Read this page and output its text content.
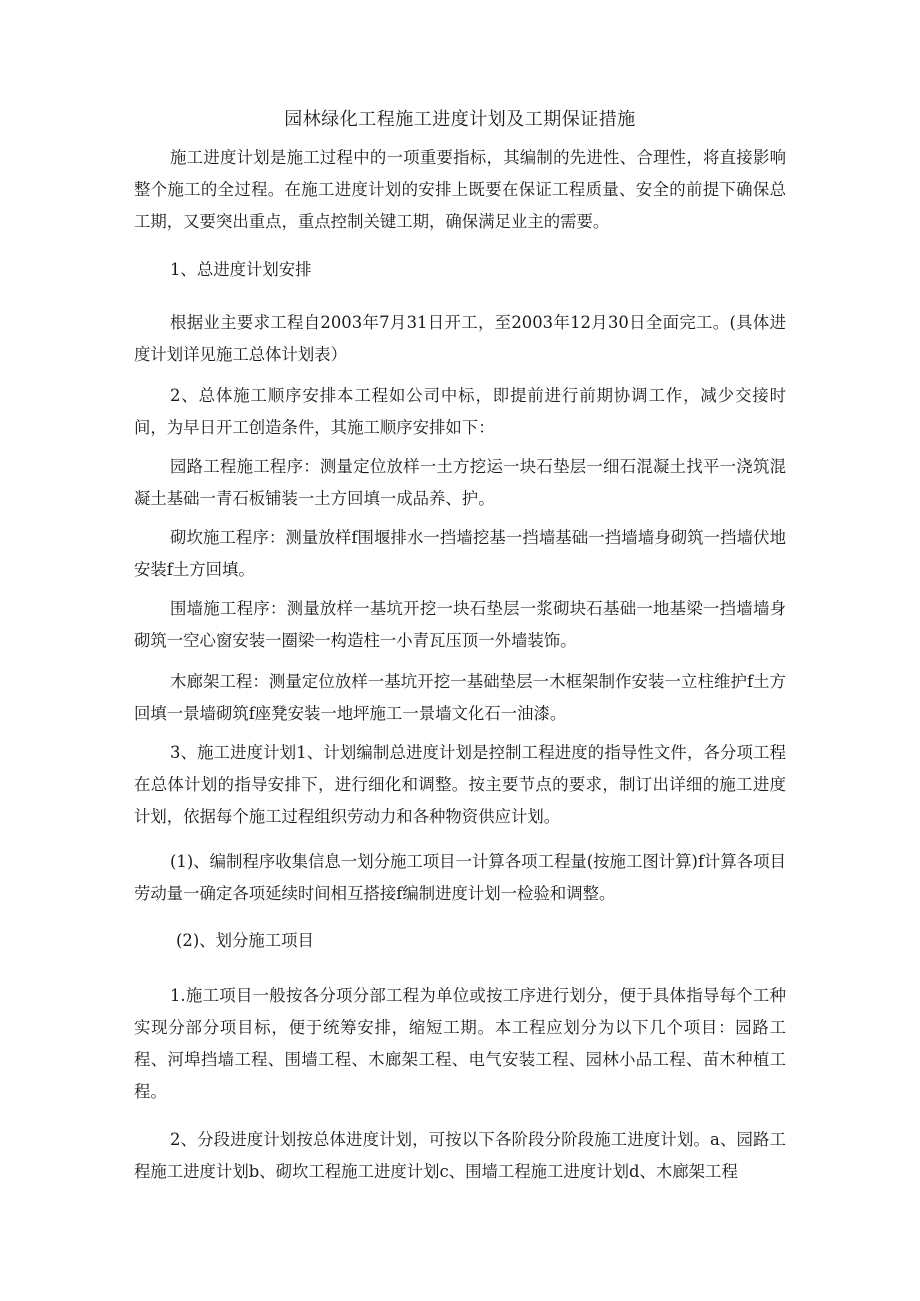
园林绿化工程施工进度计划及工期保证措施

施工进度计划是施工过程中的一项重要指标，其编制的先进性、合理性，将直接影响整个施工的全过程。在施工进度计划的安排上既要在保证工程质量、安全的前提下确保总工期，又要突出重点，重点控制关键工期，确保满足业主的需要。

1、总进度计划安排

根据业主要求工程自2003年7月31日开工，至2003年12月30日全面完工。(具体进度计划详见施工总体计划表）

2、总体施工顺序安排本工程如公司中标，即提前进行前期协调工作，减少交接时间，为早日开工创造条件，其施工顺序安排如下：

园路工程施工程序：测量定位放样一土方挖运一块石垫层一细石混凝土找平一浇筑混凝土基础一青石板铺装一土方回填一成品养、护。

砌坎施工程序：测量放样f围堰排水一挡墙挖基一挡墙基础一挡墙墙身砌筑一挡墙伏地安装f土方回填。

围墙施工程序：测量放样一基坑开挖一块石垫层一浆砌块石基础一地基梁一挡墙墙身砌筑一空心窗安装一圈梁一构造柱一小青瓦压顶一外墙装饰。

木廊架工程：测量定位放样一基坑开挖一基础垫层一木框架制作安装一立柱维护f土方回填一景墙砌筑f座凳安装一地坪施工一景墙文化石一油漆。

3、施工进度计划1、计划编制总进度计划是控制工程进度的指导性文件，各分项工程在总体计划的指导安排下，进行细化和调整。按主要节点的要求，制订出详细的施工进度计划，依据每个施工过程组织劳动力和各种物资供应计划。

(1)、编制程序收集信息一划分施工项目一计算各项工程量(按施工图计算)f计算各项目劳动量一确定各项延续时间相互搭接f编制进度计划一检验和调整。

(2)、划分施工项目

1.施工项目一般按各分项分部工程为单位或按工序进行划分，便于具体指导每个工种实现分部分项目标，便于统筹安排，缩短工期。本工程应划分为以下几个项目：园路工程、河埠挡墙工程、围墙工程、木廊架工程、电气安装工程、园林小品工程、苗木种植工程。

2、分段进度计划按总体进度计划，可按以下各阶段分阶段施工进度计划。a、园路工程施工进度计划b、砌坎工程施工进度计划c、围墙工程施工进度计划d、木廊架工程
